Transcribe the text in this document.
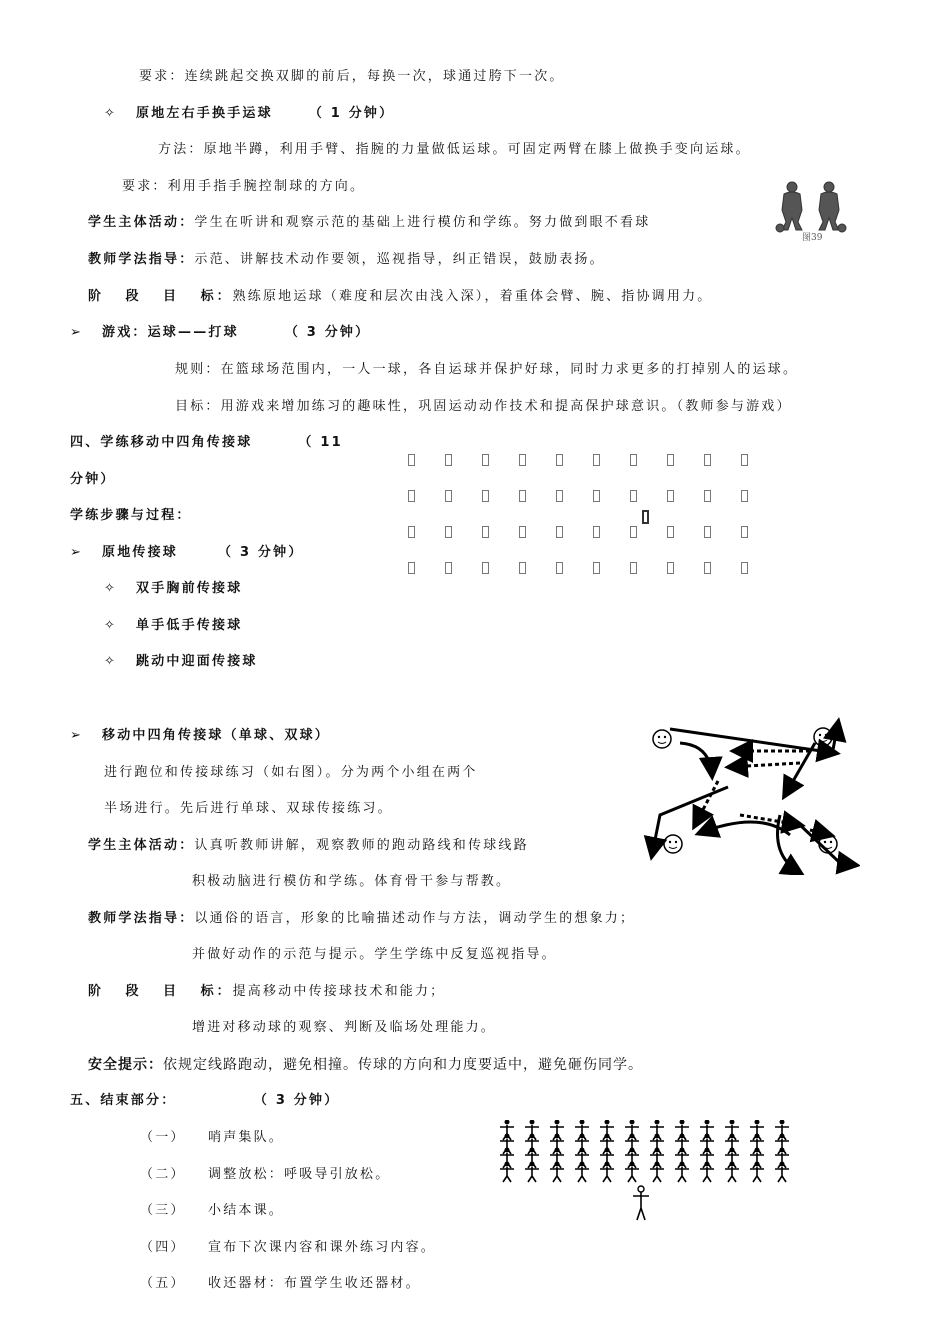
要求：连续跳起交换双脚的前后，每换一次，球通过胯下一次。
✧ 原地左右手换手运球	（ 1 分钟）
方法：原地半蹲，利用手臂、指腕的力量做低运球。可固定两臂在膝上做换手变向运球。
要求：利用手指手腕控制球的方向。
学生主体活动：学生在听讲和观察示范的基础上进行模仿和学练。努力做到眼不看球
图39
教师学法指导：示范、讲解技术动作要领，巡视指导，纠正错误，鼓励表扬。
阶 段 目 标：熟练原地运球（难度和层次由浅入深），着重体会臂、腕、指协调用力。
➢ 游戏：运球——打球	（ 3 分钟）
规则：在篮球场范围内，一人一球，各自运球并保护好球，同时力求更多的打掉别人的运球。
目标：用游戏来增加练习的趣味性，巩固运动动作技术和提高保护球意识。（教师参与游戏）
四、学练移动中四角传接球	（ 11
分钟）
学练步骤与过程：
➢ 原地传接球	（ 3 分钟）
✧ 双手胸前传接球
✧ 单手低手传接球
✧ 跳动中迎面传接球
➢ 移动中四角传接球（单球、双球）
进行跑位和传接球练习（如右图）。分为两个小组在两个
半场进行。先后进行单球、双球传接练习。
学生主体活动：认真听教师讲解，观察教师的跑动路线和传球线路
积极动脑进行模仿和学练。体育骨干参与帮教。
教师学法指导：以通俗的语言，形象的比喻描述动作与方法，调动学生的想象力；
并做好动作的示范与提示。学生学练中反复巡视指导。
阶 段 目 标：提高移动中传接球技术和能力；
增进对移动球的观察、判断及临场处理能力。
安全提示：依规定线路跑动，避免相撞。传球的方向和力度要适中，避免砸伤同学。
五、结束部分：	（ 3 分钟）
（一） 哨声集队。
（二） 调整放松：呼吸导引放松。
（三） 小结本课。
（四） 宣布下次课内容和课外练习内容。
（五） 收还器材：布置学生收还器材。
